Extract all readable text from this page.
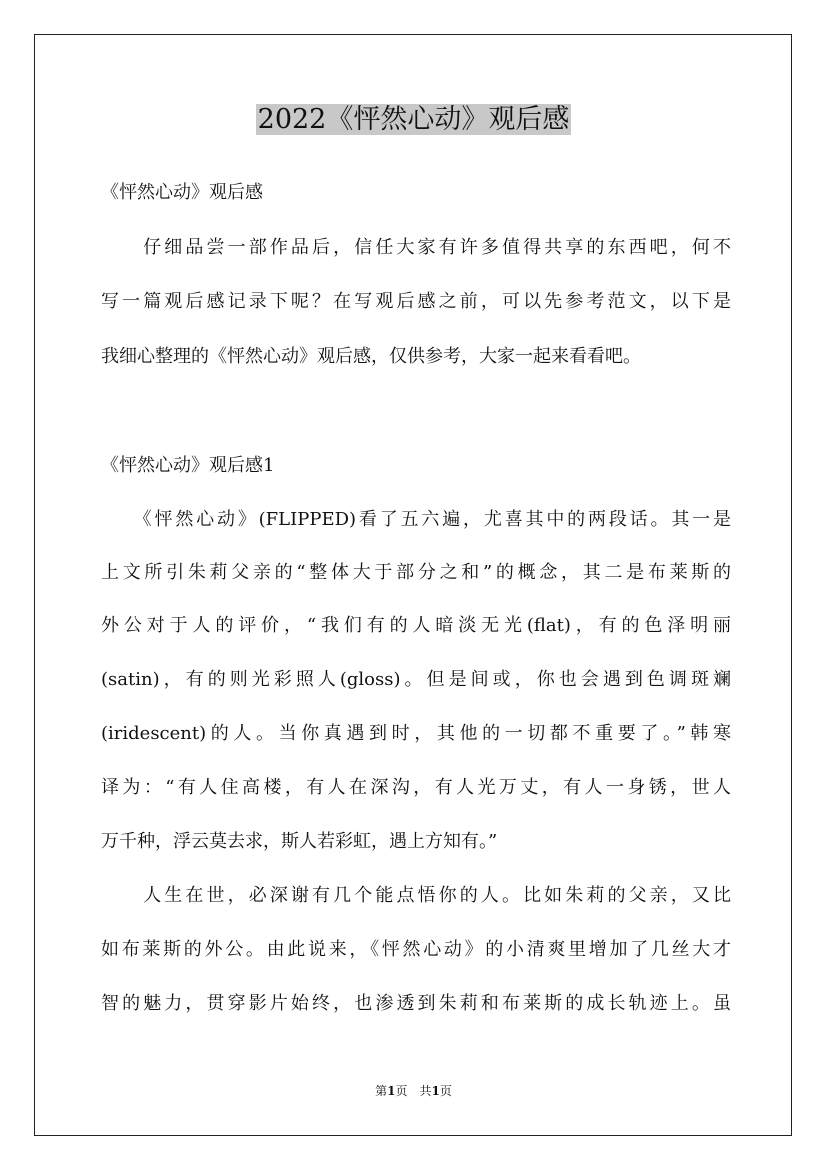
2022《怦然心动》观后感
《怦然心动》观后感
　　仔细品尝一部作品后，信任大家有许多值得共享的东西吧，何不
写一篇观后感记录下呢？在写观后感之前，可以先参考范文，以下是
我细心整理的《怦然心动》观后感，仅供参考，大家一起来看看吧。
《怦然心动》观后感1
　　《怦然心动》(FLIPPED)看了五六遍，尤喜其中的两段话。其一是
上文所引朱莉父亲的“整体大于部分之和”的概念，其二是布莱斯的
外公对于人的评价，“我们有的人暗淡无光(flat)，有的色泽明丽
(satin)，有的则光彩照人(gloss)。但是间或，你也会遇到色调斑斓
(iridescent)的人。当你真遇到时，其他的一切都不重要了。”韩寒
译为：“有人住高楼，有人在深沟，有人光万丈，有人一身锈，世人
万千种，浮云莫去求，斯人若彩虹，遇上方知有。”
　　人生在世，必深谢有几个能点悟你的人。比如朱莉的父亲，又比
如布莱斯的外公。由此说来，《怦然心动》的小清爽里增加了几丝大才
智的魅力，贯穿影片始终，也渗透到朱莉和布莱斯的成长轨迹上。虽
第1页　共1页
